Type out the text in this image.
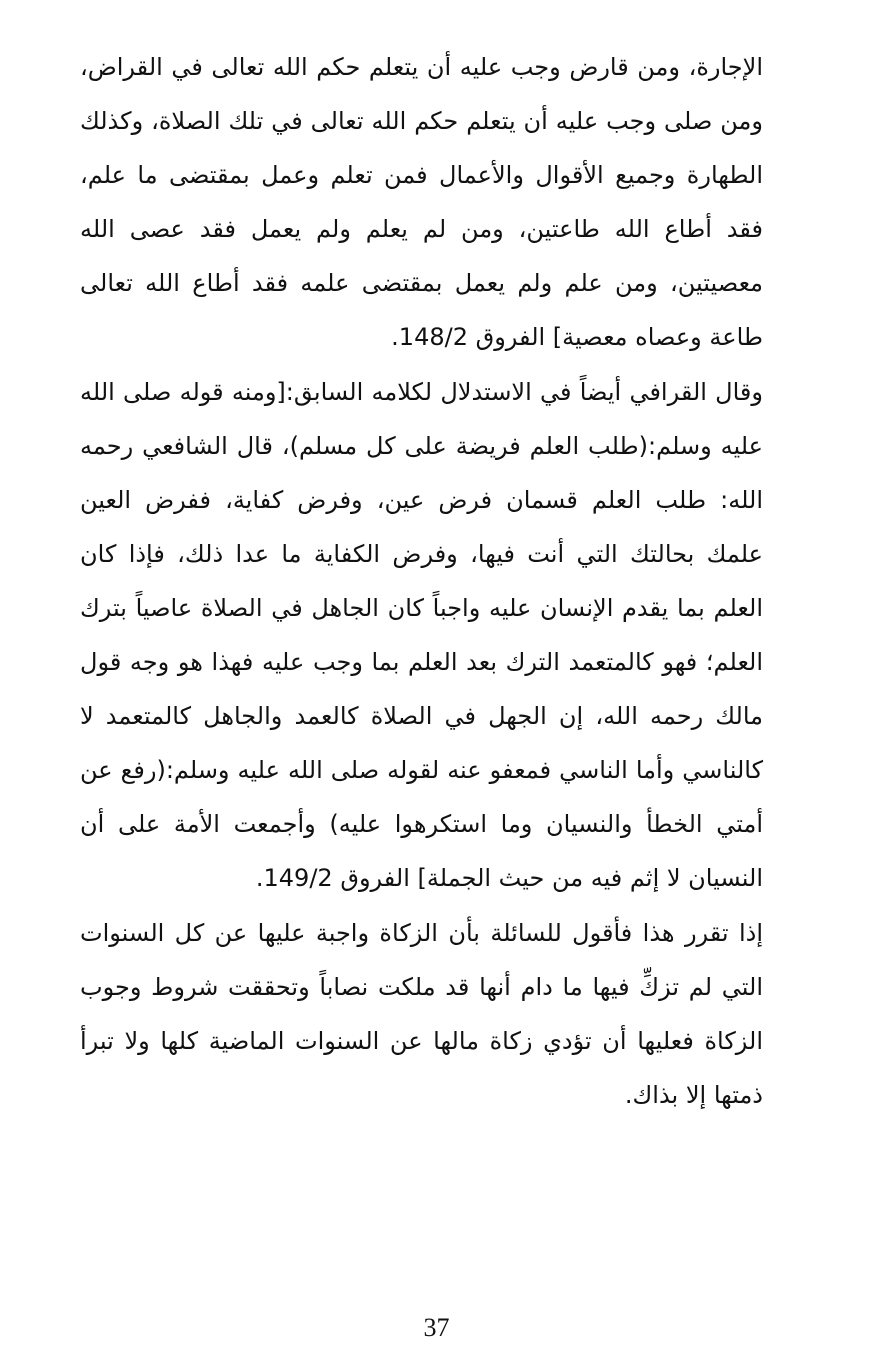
الإجارة، ومن قارض وجب عليه أن يتعلم حكم الله تعالى في القراض، ومن صلى وجب عليه أن يتعلم حكم الله تعالى في تلك الصلاة، وكذلك الطهارة وجميع الأقوال والأعمال فمن تعلم وعمل بمقتضى ما علم، فقد أطاع الله طاعتين، ومن لم يعلم ولم يعمل فقد عصى الله معصيتين، ومن علم ولم يعمل بمقتضى علمه فقد أطاع الله تعالى طاعة وعصاه معصية] الفروق 148/2.

وقال القرافي أيضاً في الاستدلال لكلامه السابق:[ومنه قوله صلى الله عليه وسلم:(طلب العلم فريضة على كل مسلم)، قال الشافعي رحمه الله: طلب العلم قسمان فرض عين، وفرض كفاية، ففرض العين علمك بحالتك التي أنت فيها، وفرض الكفاية ما عدا ذلك، فإذا كان العلم بما يقدم الإنسان عليه واجباً كان الجاهل في الصلاة عاصياً بترك العلم؛ فهو كالمتعمد الترك بعد العلم بما وجب عليه فهذا هو وجه قول مالك رحمه الله، إن الجهل في الصلاة كالعمد والجاهل كالمتعمد لا كالناسي وأما الناسي فمعفو عنه لقوله صلى الله عليه وسلم:(رفع عن أمتي الخطأ والنسيان وما استكرهوا عليه) وأجمعت الأمة على أن النسيان لا إثم فيه من حيث الجملة] الفروق 149/2.

إذا تقرر هذا فأقول للسائلة بأن الزكاة واجبة عليها عن كل السنوات التي لم تزكِّ فيها ما دام أنها قد ملكت نصاباً وتحققت شروط وجوب الزكاة فعليها أن تؤدي زكاة مالها عن السنوات الماضية كلها ولا تبرأ ذمتها إلا بذاك.

37
